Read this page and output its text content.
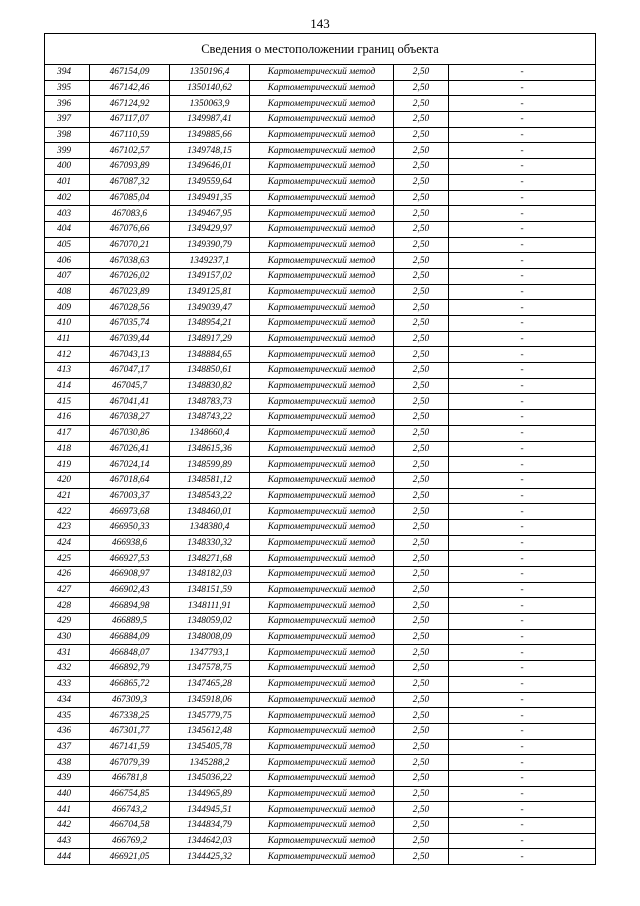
143
Сведения о местоположении границ объекта					
394	467154,09	1350196,4	Картометрический метод	2,50	-
395	467142,46	1350140,62	Картометрический метод	2,50	-
396	467124,92	1350063,9	Картометрический метод	2,50	-
397	467117,07	1349987,41	Картометрический метод	2,50	-
398	467110,59	1349885,66	Картометрический метод	2,50	-
399	467102,57	1349748,15	Картометрический метод	2,50	-
400	467093,89	1349646,01	Картометрический метод	2,50	-
401	467087,32	1349559,64	Картометрический метод	2,50	-
402	467085,04	1349491,35	Картометрический метод	2,50	-
403	467083,6	1349467,95	Картометрический метод	2,50	-
404	467076,66	1349429,97	Картометрический метод	2,50	-
405	467070,21	1349390,79	Картометрический метод	2,50	-
406	467038,63	1349237,1	Картометрический метод	2,50	-
407	467026,02	1349157,02	Картометрический метод	2,50	-
408	467023,89	1349125,81	Картометрический метод	2,50	-
409	467028,56	1349039,47	Картометрический метод	2,50	-
410	467035,74	1348954,21	Картометрический метод	2,50	-
411	467039,44	1348917,29	Картометрический метод	2,50	-
412	467043,13	1348884,65	Картометрический метод	2,50	-
413	467047,17	1348850,61	Картометрический метод	2,50	-
414	467045,7	1348830,82	Картометрический метод	2,50	-
415	467041,41	1348783,73	Картометрический метод	2,50	-
416	467038,27	1348743,22	Картометрический метод	2,50	-
417	467030,86	1348660,4	Картометрический метод	2,50	-
418	467026,41	1348615,36	Картометрический метод	2,50	-
419	467024,14	1348599,89	Картометрический метод	2,50	-
420	467018,64	1348581,12	Картометрический метод	2,50	-
421	467003,37	1348543,22	Картометрический метод	2,50	-
422	466973,68	1348460,01	Картометрический метод	2,50	-
423	466950,33	1348380,4	Картометрический метод	2,50	-
424	466938,6	1348330,32	Картометрический метод	2,50	-
425	466927,53	1348271,68	Картометрический метод	2,50	-
426	466908,97	1348182,03	Картометрический метод	2,50	-
427	466902,43	1348151,59	Картометрический метод	2,50	-
428	466894,98	1348111,91	Картометрический метод	2,50	-
429	466889,5	1348059,02	Картометрический метод	2,50	-
430	466884,09	1348008,09	Картометрический метод	2,50	-
431	466848,07	1347793,1	Картометрический метод	2,50	-
432	466892,79	1347578,75	Картометрический метод	2,50	-
433	466865,72	1347465,28	Картометрический метод	2,50	-
434	467309,3	1345918,06	Картометрический метод	2,50	-
435	467338,25	1345779,75	Картометрический метод	2,50	-
436	467301,77	1345612,48	Картометрический метод	2,50	-
437	467141,59	1345405,78	Картометрический метод	2,50	-
438	467079,39	1345288,2	Картометрический метод	2,50	-
439	466781,8	1345036,22	Картометрический метод	2,50	-
440	466754,85	1344965,89	Картометрический метод	2,50	-
441	466743,2	1344945,51	Картометрический метод	2,50	-
442	466704,58	1344834,79	Картометрический метод	2,50	-
443	466769,2	1344642,03	Картометрический метод	2,50	-
444	466921,05	1344425,32	Картометрический метод	2,50	-
